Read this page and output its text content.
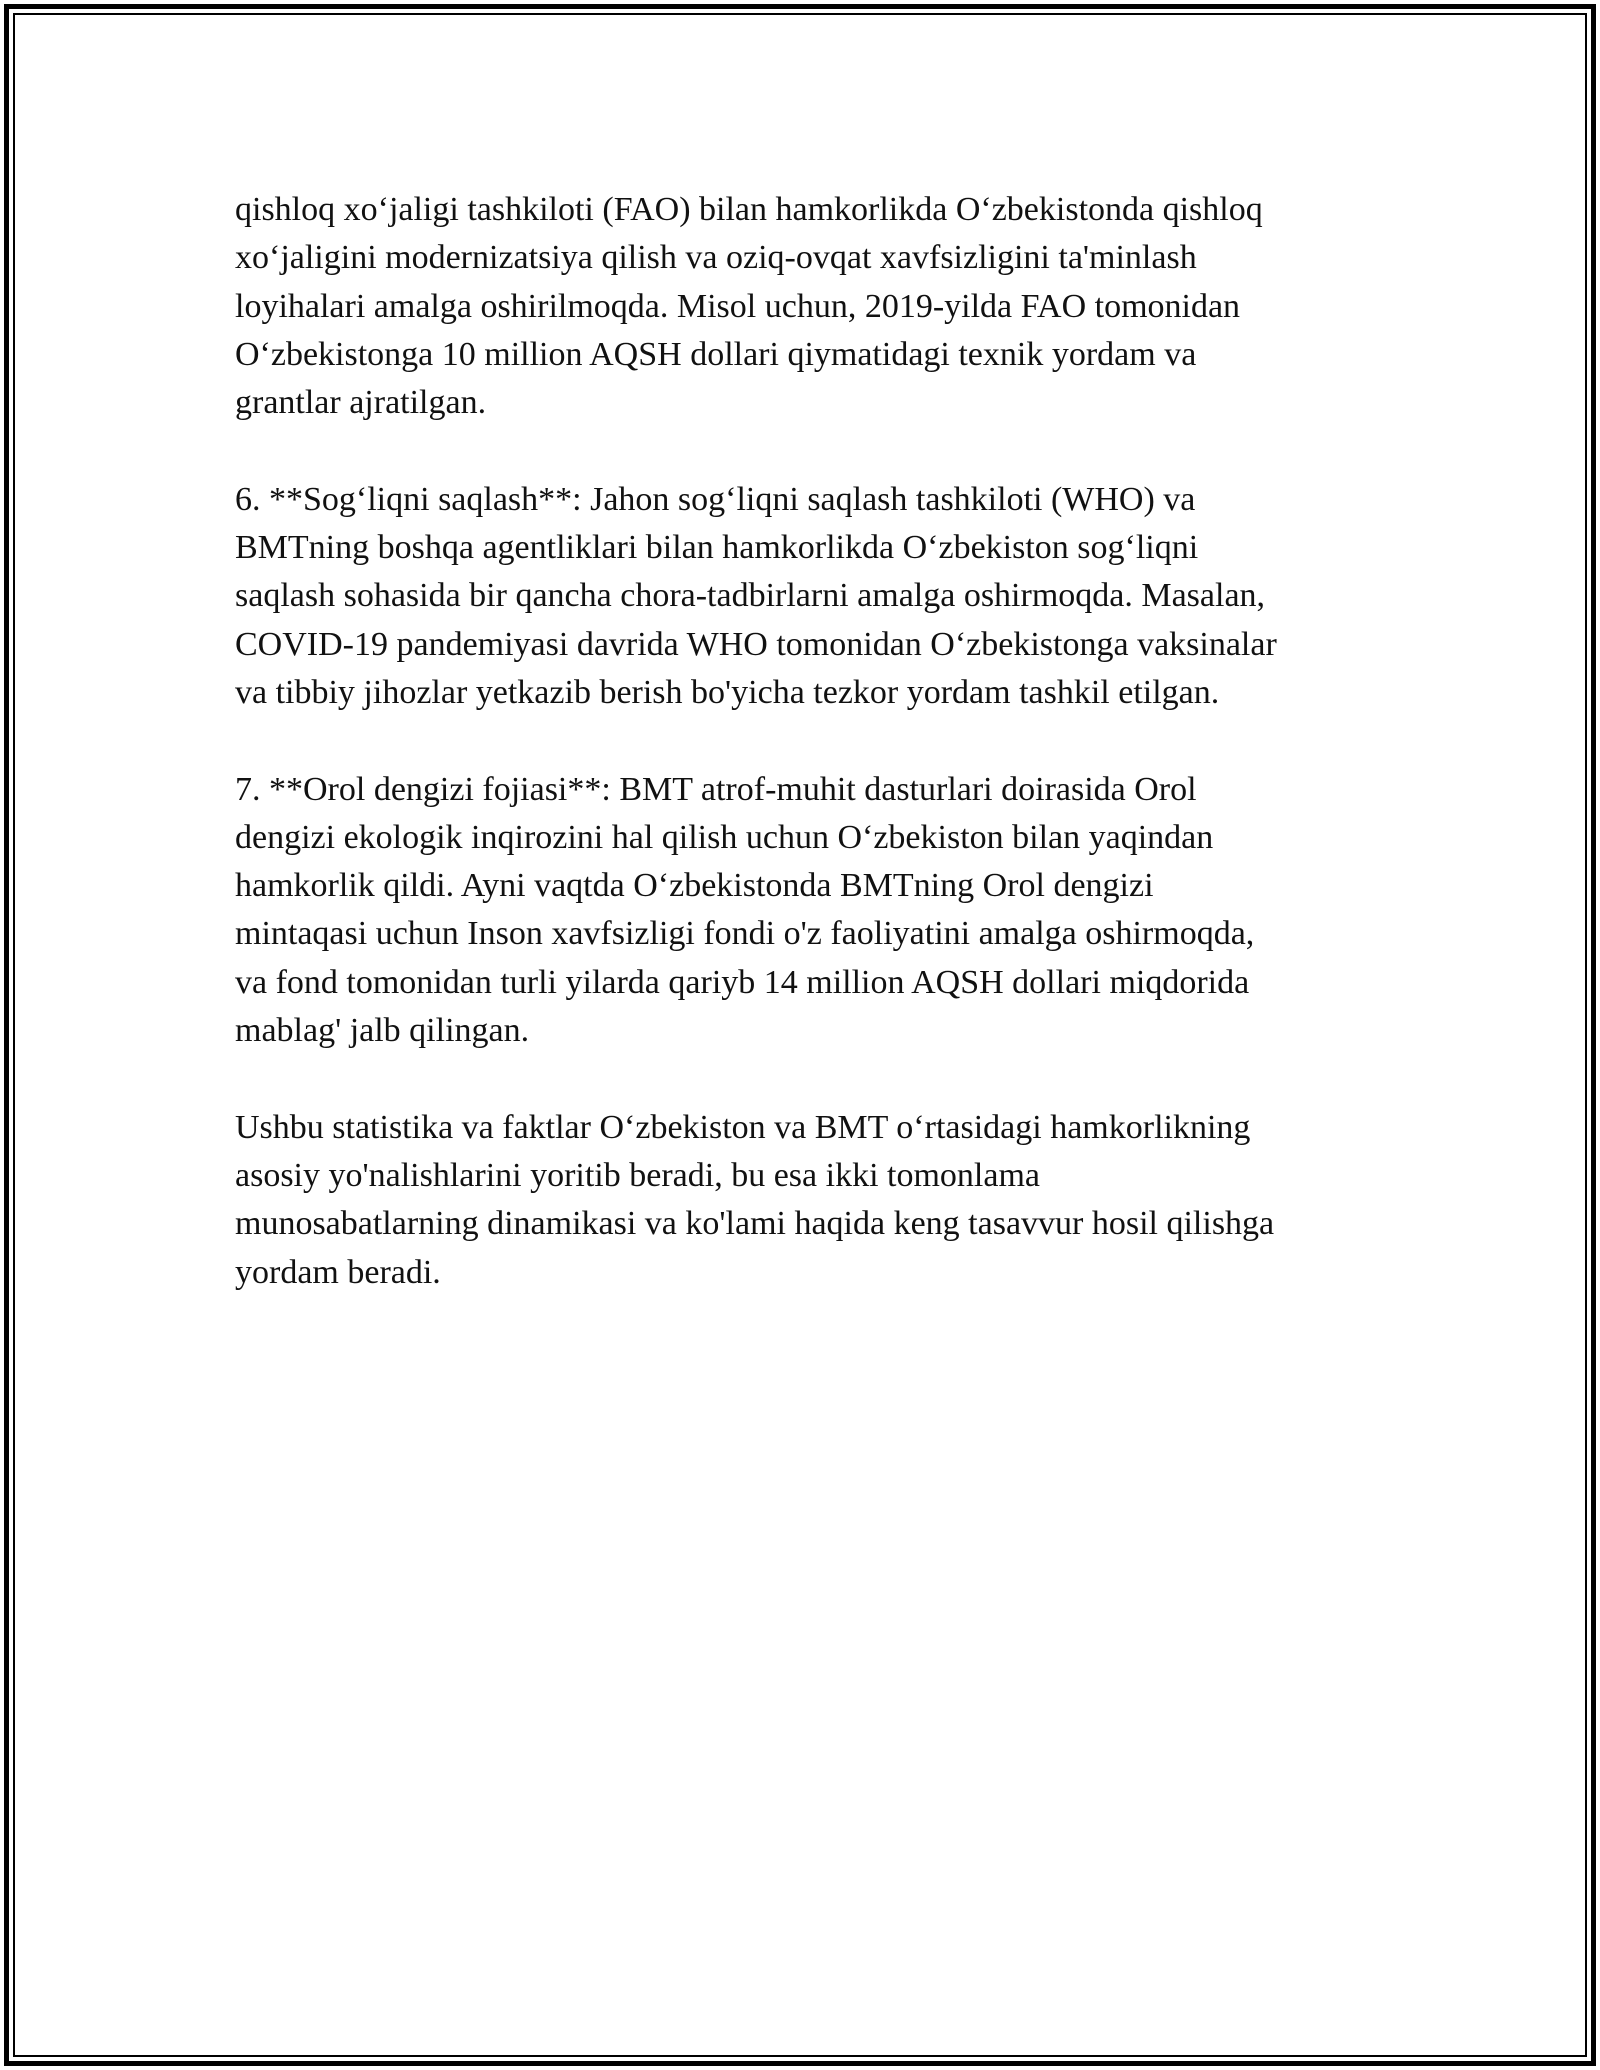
qishloq xo‘jaligi tashkiloti (FAO) bilan hamkorlikda O‘zbekistonda qishloq
xo‘jaligini modernizatsiya qilish va oziq-ovqat xavfsizligini ta'minlash
loyihalari amalga oshirilmoqda. Misol uchun, 2019-yilda FAO tomonidan
O‘zbekistonga 10 million AQSH dollari qiymatidagi texnik yordam va
grantlar ajratilgan.
6. **Sog‘liqni saqlash**: Jahon sog‘liqni saqlash tashkiloti (WHO) va
BMTning boshqa agentliklari bilan hamkorlikda O‘zbekiston sog‘liqni
saqlash sohasida bir qancha chora-tadbirlarni amalga oshirmoqda. Masalan,
COVID-19 pandemiyasi davrida WHO tomonidan O‘zbekistonga vaksinalar
va tibbiy jihozlar yetkazib berish bo'yicha tezkor yordam tashkil etilgan.
7. **Orol dengizi fojiasi**: BMT atrof-muhit dasturlari doirasida Orol
dengizi ekologik inqirozini hal qilish uchun O‘zbekiston bilan yaqindan
hamkorlik qildi. Ayni vaqtda O‘zbekistonda BMTning Orol dengizi
mintaqasi uchun Inson xavfsizligi fondi o'z faoliyatini amalga oshirmoqda,
va fond tomonidan turli yilarda qariyb 14 million AQSH dollari miqdorida
mablag' jalb qilingan.
Ushbu statistika va faktlar O‘zbekiston va BMT o‘rtasidagi hamkorlikning
asosiy yo'nalishlarini yoritib beradi, bu esa ikki tomonlama
munosabatlarning dinamikasi va ko'lami haqida keng tasavvur hosil qilishga
yordam beradi.
